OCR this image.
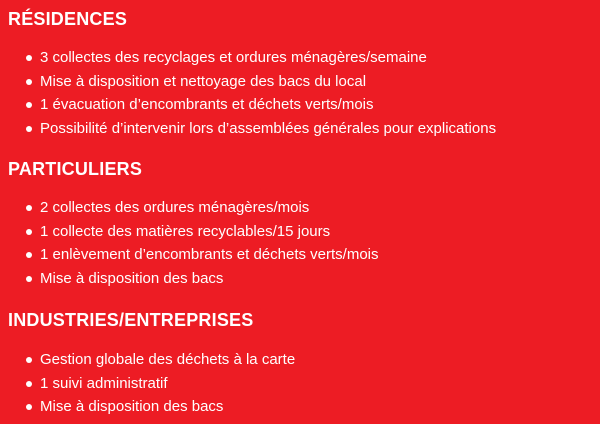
RÉSIDENCES
3 collectes des recyclages et ordures ménagères/semaine
Mise à disposition et nettoyage des bacs du local
1 évacuation d’encombrants et déchets verts/mois
Possibilité d’intervenir lors d’assemblées générales pour explications
PARTICULIERS
2 collectes des ordures ménagères/mois
1 collecte des matières recyclables/15 jours
1 enlèvement d’encombrants et déchets verts/mois
Mise à disposition des bacs
INDUSTRIES/ENTREPRISES
Gestion globale des déchets à la carte
1 suivi administratif
Mise à disposition des bacs
